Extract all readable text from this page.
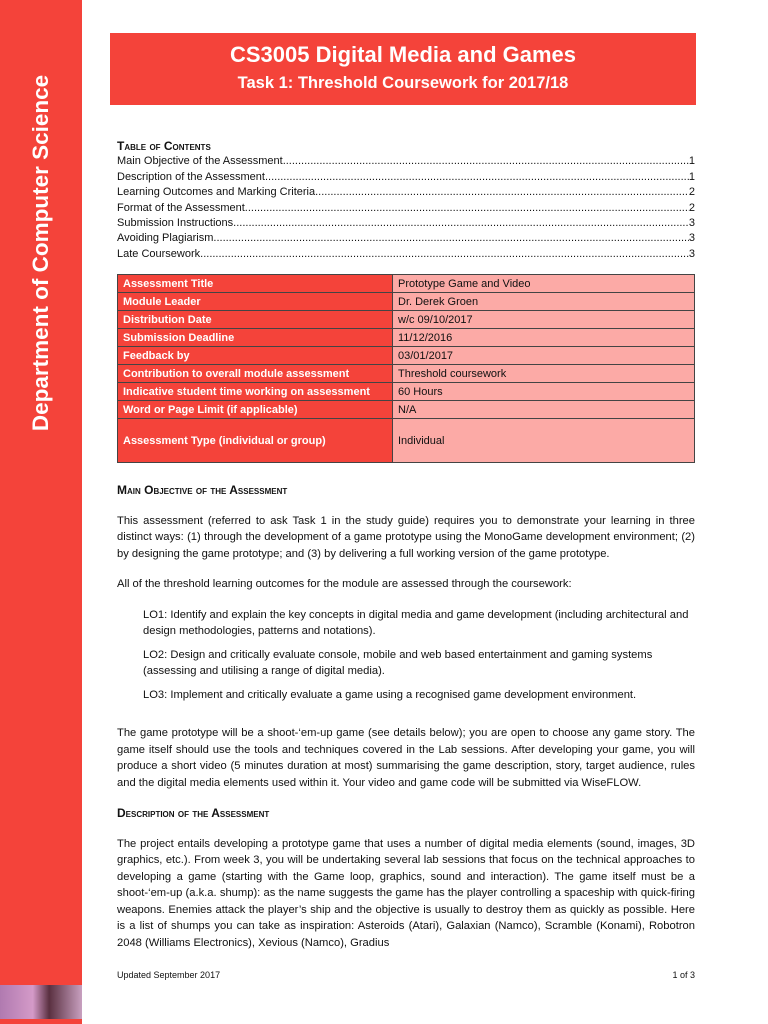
Department of Computer Science
CS3005 Digital Media and Games
Task 1: Threshold Coursework for 2017/18
Table of Contents
Main Objective of the Assessment .....	1
Description of the Assessment .....	1
Learning Outcomes and Marking Criteria .....	2
Format of the Assessment .....	2
Submission Instructions .....	3
Avoiding Plagiarism .....	3
Late Coursework .....	3
Assessment Title	Prototype Game and Video
Module Leader	Dr. Derek Groen
Distribution Date	w/c 09/10/2017
Submission Deadline	11/12/2016
Feedback by	03/01/2017
Contribution to overall module assessment	Threshold coursework
Indicative student time working on assessment	60 Hours
Word or Page Limit (if applicable)	N/A
Assessment Type (individual or group)	Individual
Main Objective of the Assessment

This assessment (referred to ask Task 1 in the study guide) requires you to demonstrate your learning in three distinct ways: (1) through the development of a game prototype using the MonoGame development environment; (2) by designing the game prototype; and (3) by delivering a full working version of the game prototype.

All of the threshold learning outcomes for the module are assessed through the coursework:

LO1: Identify and explain the key concepts in digital media and game development (including architectural and design methodologies, patterns and notations).

LO2: Design and critically evaluate console, mobile and web based entertainment and gaming systems (assessing and utilising a range of digital media).

LO3: Implement and critically evaluate a game using a recognised game development environment.

The game prototype will be a shoot-‘em-up game (see details below); you are open to choose any game story. The game itself should use the tools and techniques covered in the Lab sessions. After developing your game, you will produce a short video (5 minutes duration at most) summarising the game description, story, target audience, rules and the digital media elements used within it. Your video and game code will be submitted via WiseFLOW.

Description of the Assessment

The project entails developing a prototype game that uses a number of digital media elements (sound, images, 3D graphics, etc.). From week 3, you will be undertaking several lab sessions that focus on the technical approaches to developing a game (starting with the Game loop, graphics, sound and interaction). The game itself must be a shoot-‘em-up (a.k.a. shump): as the name suggests the game has the player controlling a spaceship with quick-firing weapons. Enemies attack the player’s ship and the objective is usually to destroy them as quickly as possible. Here is a list of shumps you can take as inspiration: Asteroids (Atari), Galaxian (Namco), Scramble (Konami), Robotron 2048 (Williams Electronics), Xevious (Namco), Gradius

Updated September 2017	1 of 3
